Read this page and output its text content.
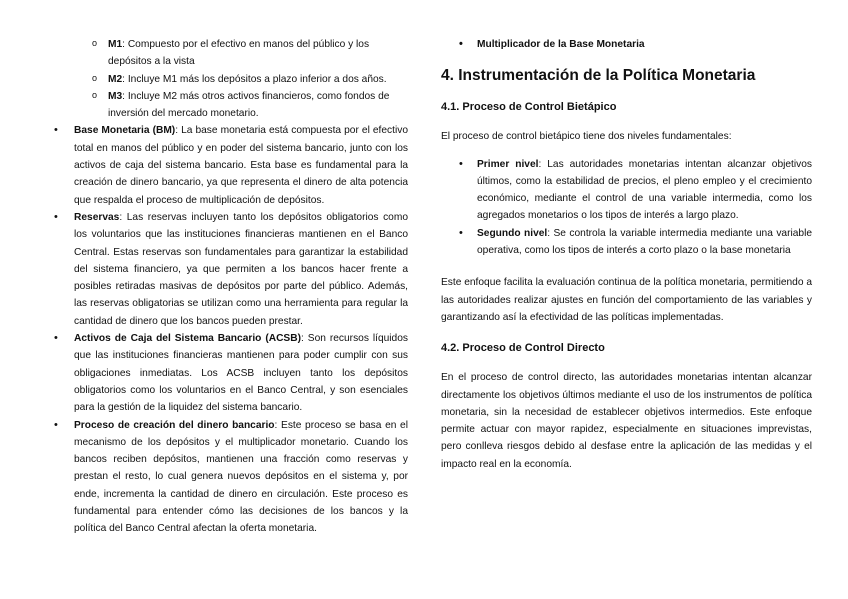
o M1: Compuesto por el efectivo en manos del público y los depósitos a la vista
o M2: Incluye M1 más los depósitos a plazo inferior a dos años.
o M3: Incluye M2 más otros activos financieros, como fondos de inversión del mercado monetario.
• Base Monetaria (BM): La base monetaria está compuesta por el efectivo total en manos del público y en poder del sistema bancario, junto con los activos de caja del sistema bancario. Esta base es fundamental para la creación de dinero bancario, ya que representa el dinero de alta potencia que respalda el proceso de multiplicación de depósitos.
• Reservas: Las reservas incluyen tanto los depósitos obligatorios como los voluntarios que las instituciones financieras mantienen en el Banco Central. Estas reservas son fundamentales para garantizar la estabilidad del sistema financiero, ya que permiten a los bancos hacer frente a posibles retiradas masivas de depósitos por parte del público. Además, las reservas obligatorias se utilizan como una herramienta para regular la cantidad de dinero que los bancos pueden prestar.
• Activos de Caja del Sistema Bancario (ACSB): Son recursos líquidos que las instituciones financieras mantienen para poder cumplir con sus obligaciones inmediatas. Los ACSB incluyen tanto los depósitos obligatorios como los voluntarios en el Banco Central, y son esenciales para la gestión de la liquidez del sistema bancario.
• Proceso de creación del dinero bancario: Este proceso se basa en el mecanismo de los depósitos y el multiplicador monetario. Cuando los bancos reciben depósitos, mantienen una fracción como reservas y prestan el resto, lo cual genera nuevos depósitos en el sistema y, por ende, incrementa la cantidad de dinero en circulación. Este proceso es fundamental para entender cómo las decisiones de los bancos y la política del Banco Central afectan la oferta monetaria.
• Multiplicador de la Base Monetaria
4. Instrumentación de la Política Monetaria
4.1. Proceso de Control Bietápico

El proceso de control bietápico tiene dos niveles fundamentales:

• Primer nivel: Las autoridades monetarias intentan alcanzar objetivos últimos, como la estabilidad de precios, el pleno empleo y el crecimiento económico, mediante el control de una variable intermedia, como los agregados monetarios o los tipos de interés a largo plazo.
• Segundo nivel: Se controla la variable intermedia mediante una variable operativa, como los tipos de interés a corto plazo o la base monetaria

Este enfoque facilita la evaluación continua de la política monetaria, permitiendo a las autoridades realizar ajustes en función del comportamiento de las variables y garantizando así la efectividad de las políticas implementadas.

4.2. Proceso de Control Directo

En el proceso de control directo, las autoridades monetarias intentan alcanzar directamente los objetivos últimos mediante el uso de los instrumentos de política monetaria, sin la necesidad de establecer objetivos intermedios. Este enfoque permite actuar con mayor rapidez, especialmente en situaciones imprevistas, pero conlleva riesgos debido al desfase entre la aplicación de las medidas y el impacto real en la economía.
